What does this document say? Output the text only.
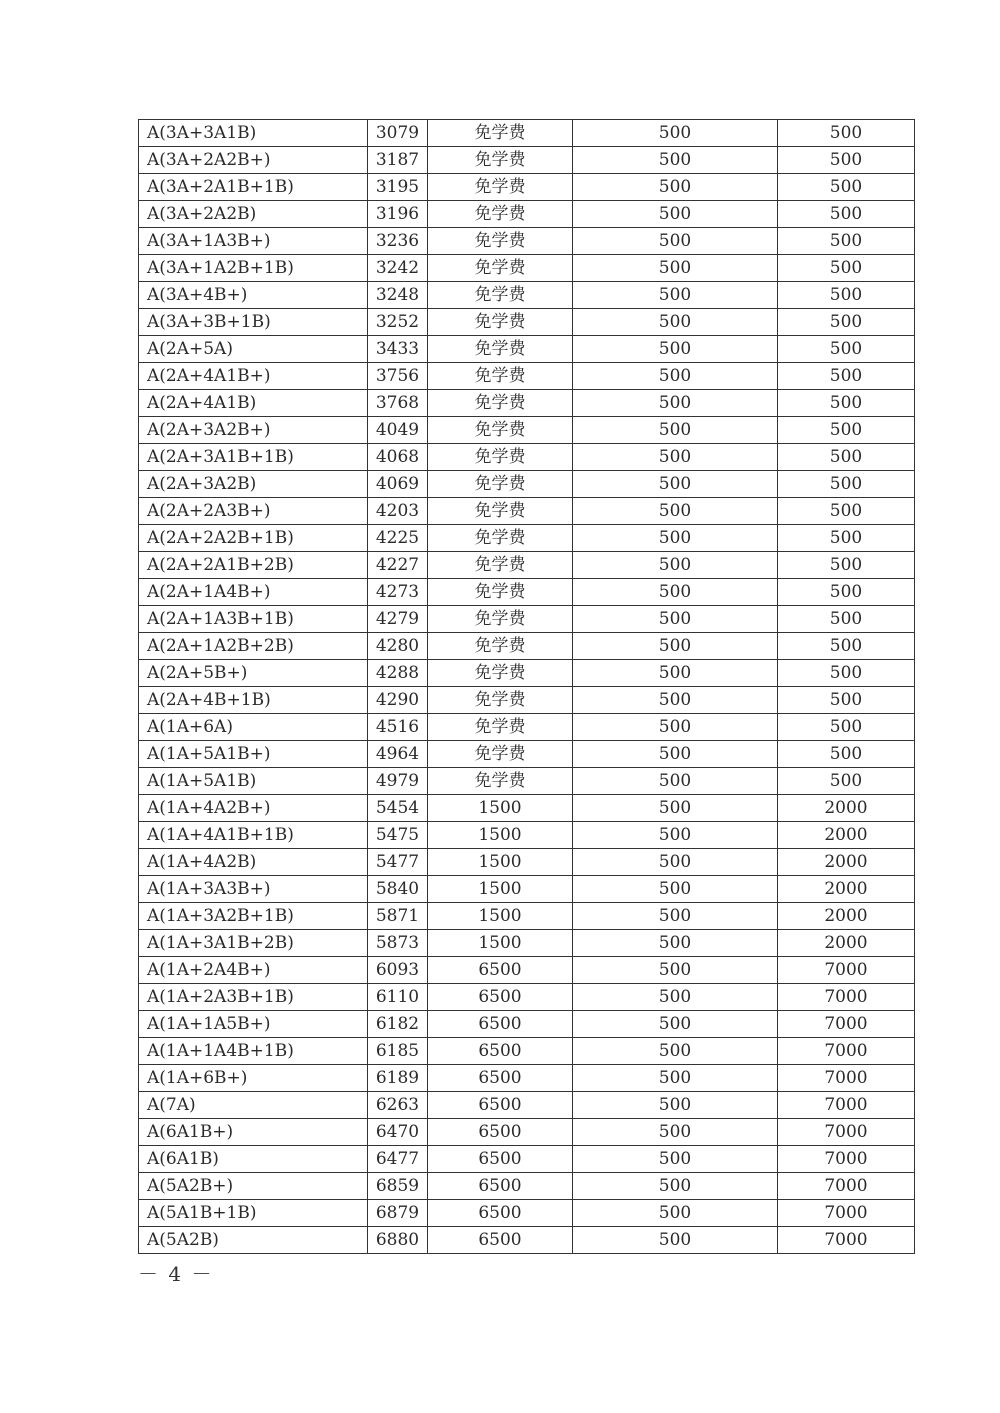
A(3A+3A1B)	3079	免学费	500	500
A(3A+2A2B+)	3187	免学费	500	500
A(3A+2A1B+1B)	3195	免学费	500	500
A(3A+2A2B)	3196	免学费	500	500
A(3A+1A3B+)	3236	免学费	500	500
A(3A+1A2B+1B)	3242	免学费	500	500
A(3A+4B+)	3248	免学费	500	500
A(3A+3B+1B)	3252	免学费	500	500
A(2A+5A)	3433	免学费	500	500
A(2A+4A1B+)	3756	免学费	500	500
A(2A+4A1B)	3768	免学费	500	500
A(2A+3A2B+)	4049	免学费	500	500
A(2A+3A1B+1B)	4068	免学费	500	500
A(2A+3A2B)	4069	免学费	500	500
A(2A+2A3B+)	4203	免学费	500	500
A(2A+2A2B+1B)	4225	免学费	500	500
A(2A+2A1B+2B)	4227	免学费	500	500
A(2A+1A4B+)	4273	免学费	500	500
A(2A+1A3B+1B)	4279	免学费	500	500
A(2A+1A2B+2B)	4280	免学费	500	500
A(2A+5B+)	4288	免学费	500	500
A(2A+4B+1B)	4290	免学费	500	500
A(1A+6A)	4516	免学费	500	500
A(1A+5A1B+)	4964	免学费	500	500
A(1A+5A1B)	4979	免学费	500	500
A(1A+4A2B+)	5454	1500	500	2000
A(1A+4A1B+1B)	5475	1500	500	2000
A(1A+4A2B)	5477	1500	500	2000
A(1A+3A3B+)	5840	1500	500	2000
A(1A+3A2B+1B)	5871	1500	500	2000
A(1A+3A1B+2B)	5873	1500	500	2000
A(1A+2A4B+)	6093	6500	500	7000
A(1A+2A3B+1B)	6110	6500	500	7000
A(1A+1A5B+)	6182	6500	500	7000
A(1A+1A4B+1B)	6185	6500	500	7000
A(1A+6B+)	6189	6500	500	7000
A(7A)	6263	6500	500	7000
A(6A1B+)	6470	6500	500	7000
A(6A1B)	6477	6500	500	7000
A(5A2B+)	6859	6500	500	7000
A(5A1B+1B)	6879	6500	500	7000
A(5A2B)	6880	6500	500	7000
－ 4 －
